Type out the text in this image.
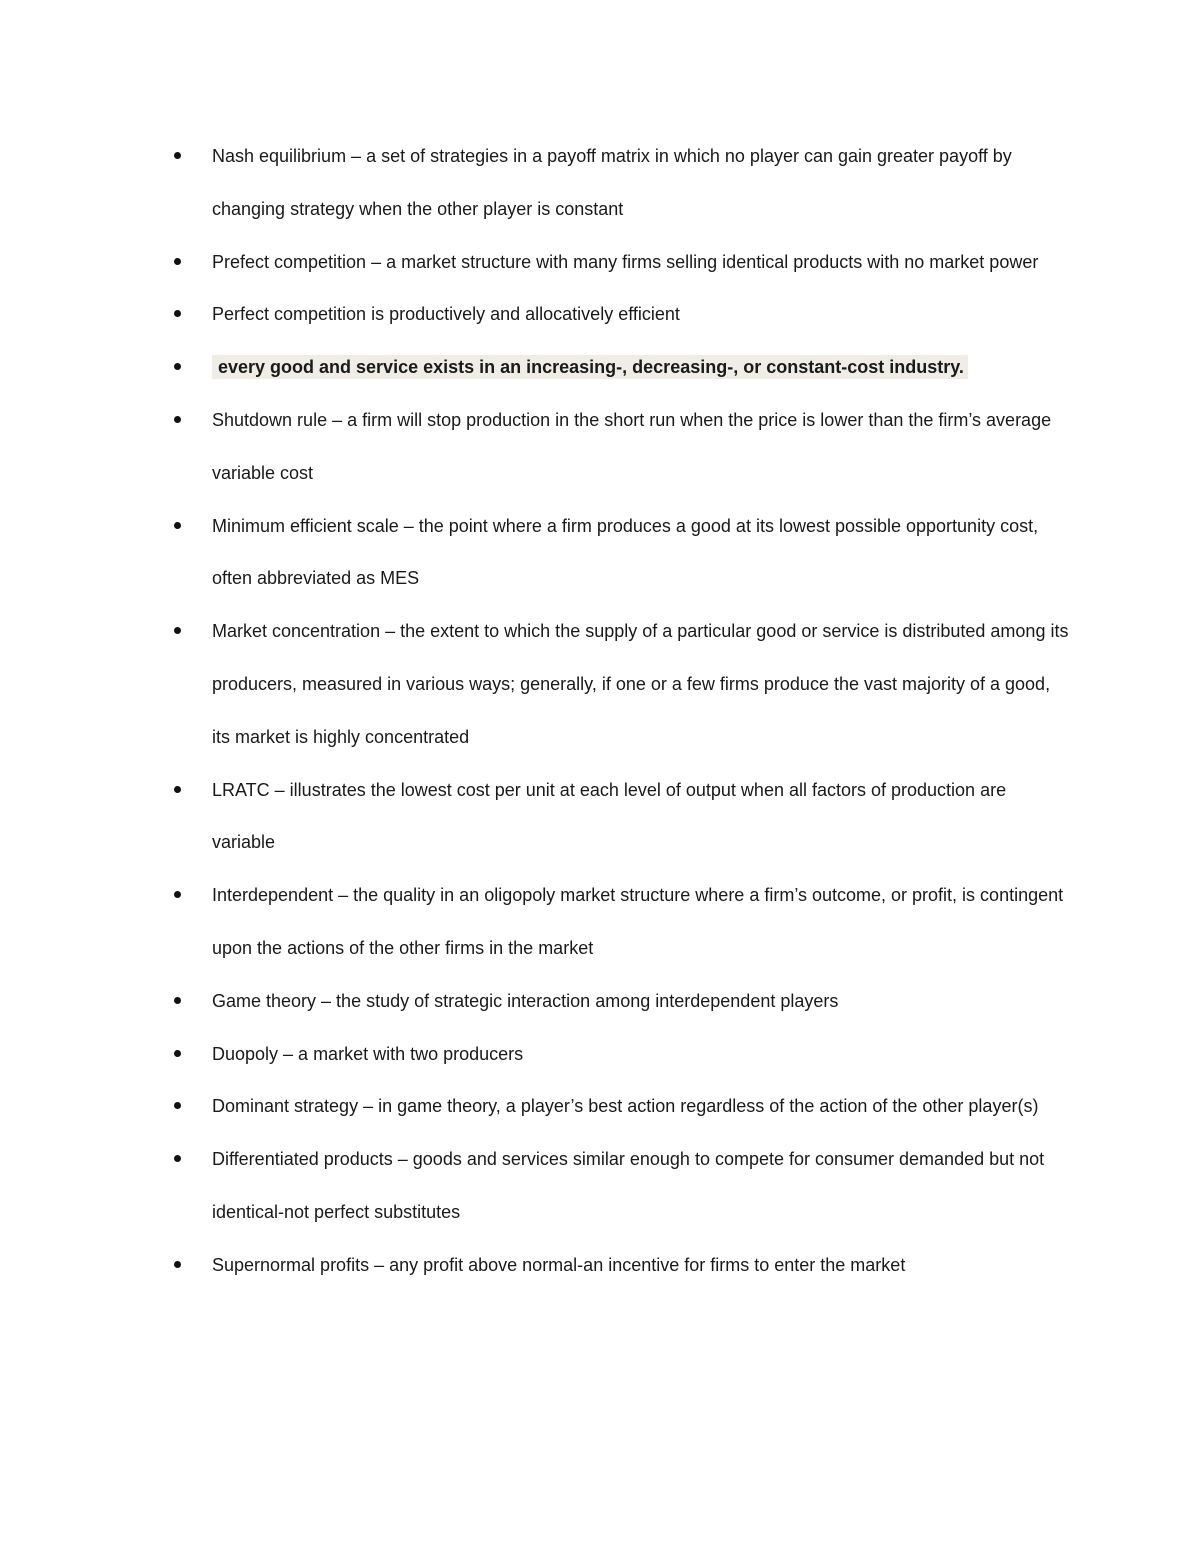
Nash equilibrium – a set of strategies in a payoff matrix in which no player can gain greater payoff by changing strategy when the other player is constant
Prefect competition – a market structure with many firms selling identical products with no market power
Perfect competition is productively and allocatively efficient
every good and service exists in an increasing-, decreasing-, or constant-cost industry.
Shutdown rule – a firm will stop production in the short run when the price is lower than the firm’s average variable cost
Minimum efficient scale – the point where a firm produces a good at its lowest possible opportunity cost, often abbreviated as MES
Market concentration – the extent to which the supply of a particular good or service is distributed among its producers, measured in various ways; generally, if one or a few firms produce the vast majority of a good, its market is highly concentrated
LRATC – illustrates the lowest cost per unit at each level of output when all factors of production are variable
Interdependent – the quality in an oligopoly market structure where a firm’s outcome, or profit, is contingent upon the actions of the other firms in the market
Game theory – the study of strategic interaction among interdependent players
Duopoly – a market with two producers
Dominant strategy – in game theory, a player’s best action regardless of the action of the other player(s)
Differentiated products – goods and services similar enough to compete for consumer demanded but not identical-not perfect substitutes
Supernormal profits – any profit above normal-an incentive for firms to enter the market
